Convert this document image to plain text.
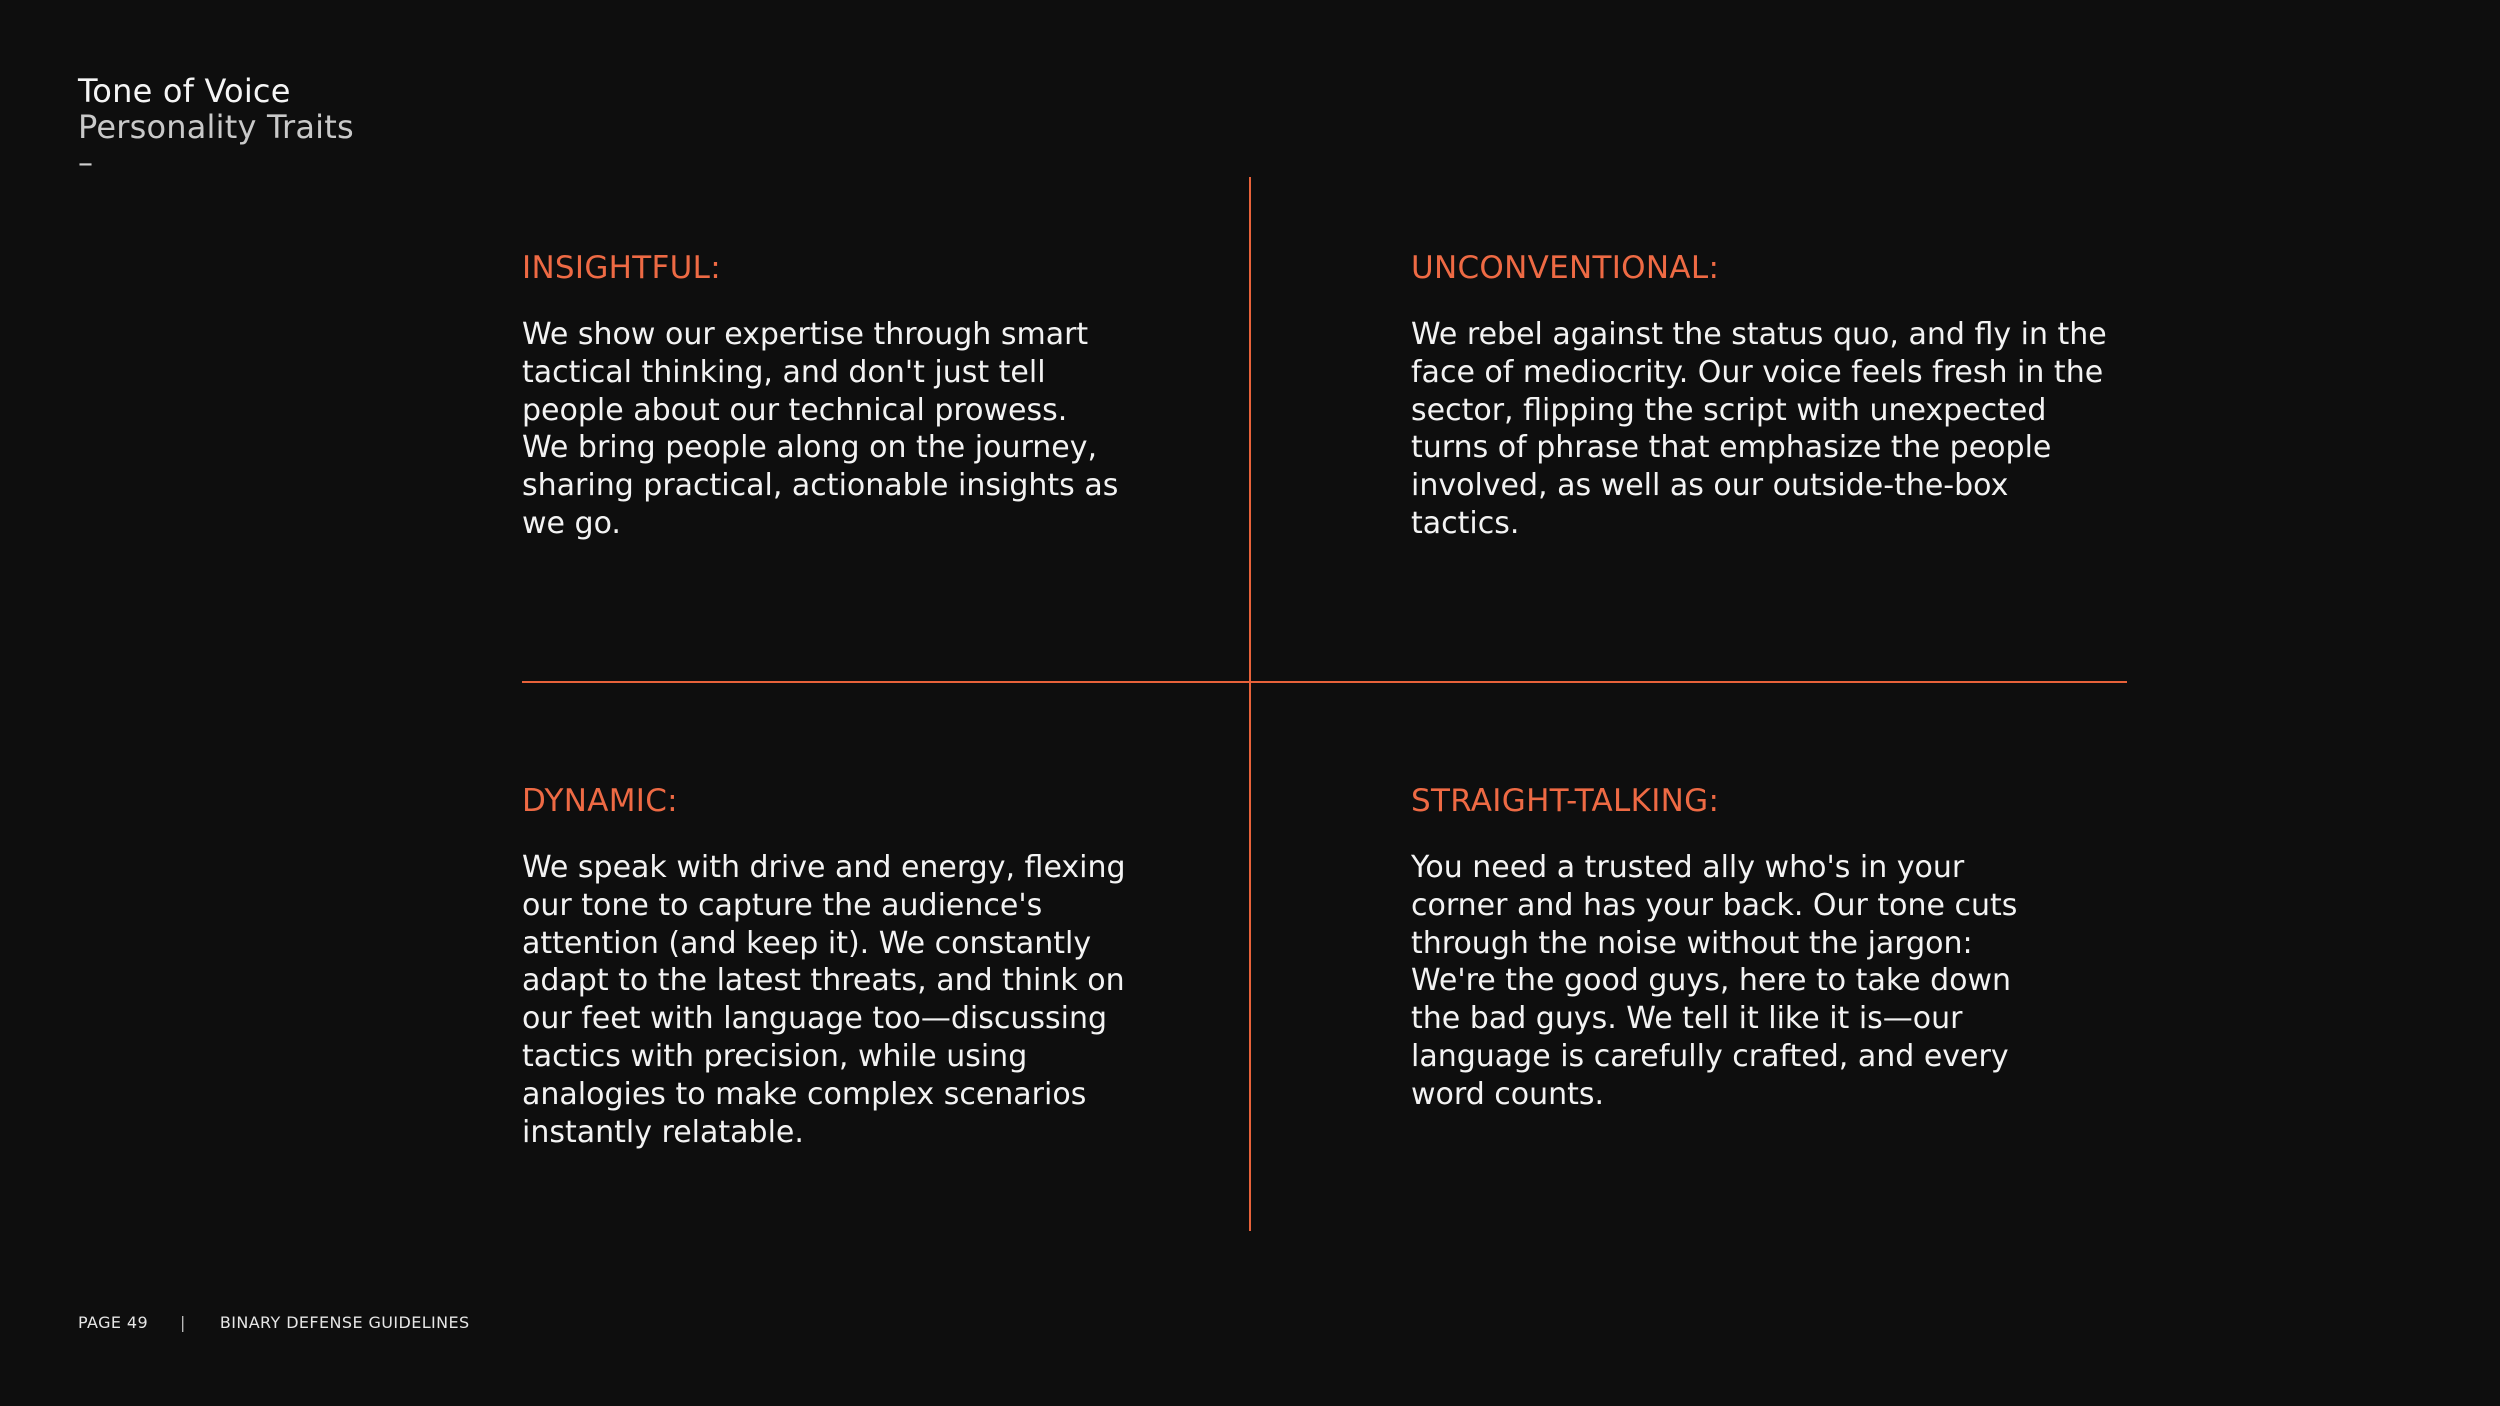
Tone of Voice
Personality Traits
–
INSIGHTFUL:

We show our expertise through smart tactical thinking, and don't just tell people about our technical prowess. We bring people along on the journey, sharing practical, actionable insights as we go.

UNCONVENTIONAL:

We rebel against the status quo, and fly in the face of mediocrity. Our voice feels fresh in the sector, flipping the script with unexpected turns of phrase that emphasize the people involved, as well as our outside-the-box tactics.

DYNAMIC:

We speak with drive and energy, flexing our tone to capture the audience's attention (and keep it). We constantly adapt to the latest threats, and think on our feet with language too—discussing tactics with precision, while using analogies to make complex scenarios instantly relatable.

STRAIGHT-TALKING:

You need a trusted ally who's in your corner and has your back. Our tone cuts through the noise without the jargon: We're the good guys, here to take down the bad guys. We tell it like it is—our language is carefully crafted, and every word counts.

PAGE 49 | BINARY DEFENSE GUIDELINES
